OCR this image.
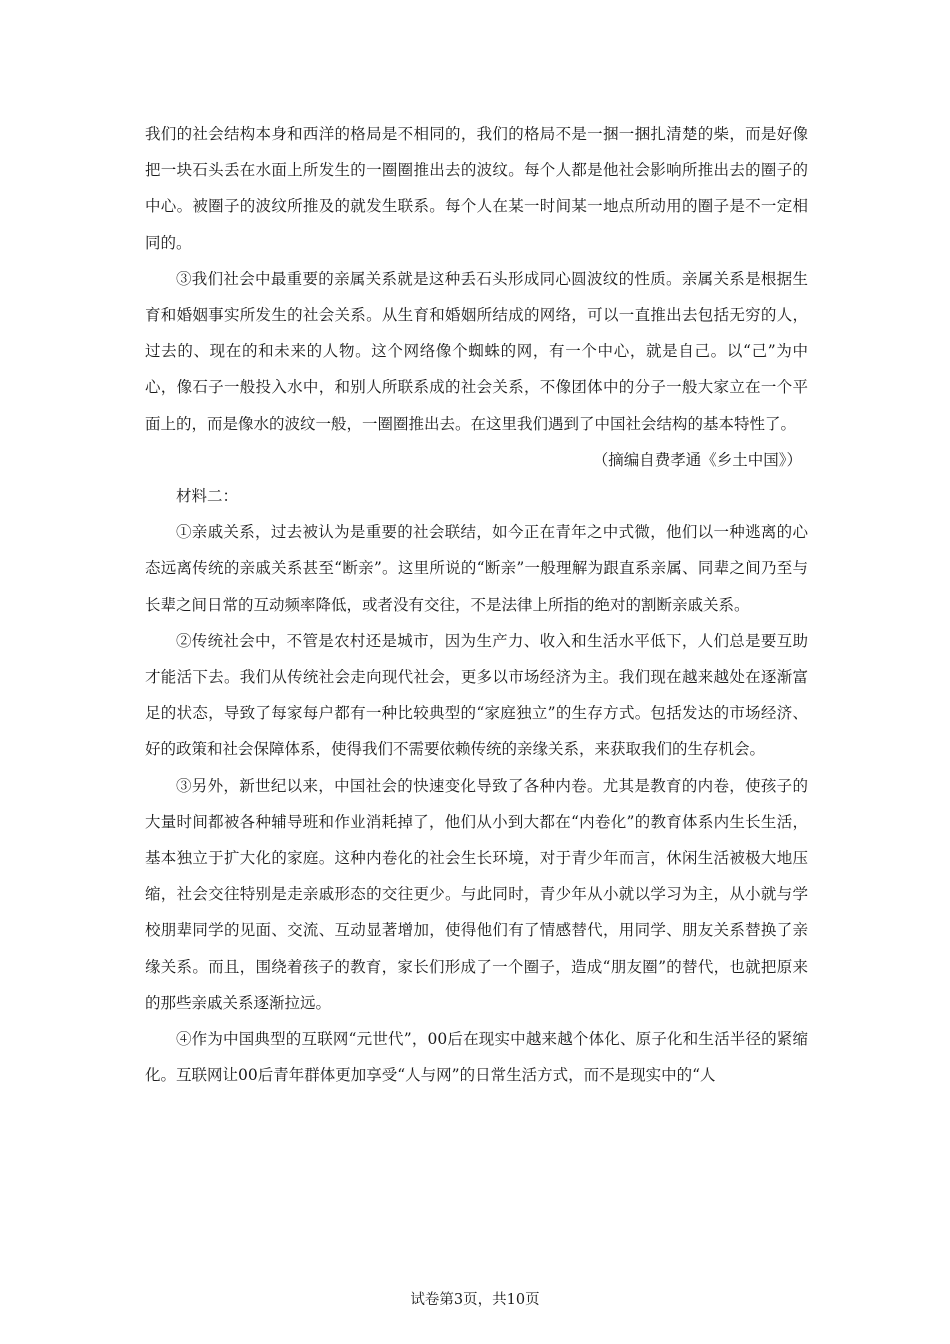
我们的社会结构本身和西洋的格局是不相同的，我们的格局不是一捆一捆扎清楚的柴，而是好像把一块石头丢在水面上所发生的一圈圈推出去的波纹。每个人都是他社会影响所推出去的圈子的中心。被圈子的波纹所推及的就发生联系。每个人在某一时间某一地点所动用的圈子是不一定相同的。

③我们社会中最重要的亲属关系就是这种丢石头形成同心圆波纹的性质。亲属关系是根据生育和婚姻事实所发生的社会关系。从生育和婚姻所结成的网络，可以一直推出去包括无穷的人，过去的、现在的和未来的人物。这个网络像个蜘蛛的网，有一个中心，就是自己。以“己”为中心，像石子一般投入水中，和别人所联系成的社会关系，不像团体中的分子一般大家立在一个平面上的，而是像水的波纹一般，一圈圈推出去。在这里我们遇到了中国社会结构的基本特性了。

（摘编自费孝通《乡土中国》）

材料二：

①亲戚关系，过去被认为是重要的社会联结，如今正在青年之中式微，他们以一种逃离的心态远离传统的亲戚关系甚至“断亲”。这里所说的“断亲”一般理解为跟直系亲属、同辈之间乃至与长辈之间日常的互动频率降低，或者没有交往，不是法律上所指的绝对的割断亲戚关系。

②传统社会中，不管是农村还是城市，因为生产力、收入和生活水平低下，人们总是要互助才能活下去。我们从传统社会走向现代社会，更多以市场经济为主。我们现在越来越处在逐渐富足的状态，导致了每家每户都有一种比较典型的“家庭独立”的生存方式。包括发达的市场经济、好的政策和社会保障体系，使得我们不需要依赖传统的亲缘关系，来获取我们的生存机会。

③另外，新世纪以来，中国社会的快速变化导致了各种内卷。尤其是教育的内卷，使孩子的大量时间都被各种辅导班和作业消耗掉了，他们从小到大都在“内卷化”的教育体系内生长生活，基本独立于扩大化的家庭。这种内卷化的社会生长环境，对于青少年而言，休闲生活被极大地压缩，社会交往特别是走亲戚形态的交往更少。与此同时，青少年从小就以学习为主，从小就与学校朋辈同学的见面、交流、互动显著增加，使得他们有了情感替代，用同学、朋友关系替换了亲缘关系。而且，围绕着孩子的教育，家长们形成了一个圈子，造成“朋友圈”的替代，也就把原来的那些亲戚关系逐渐拉远。

④作为中国典型的互联网“元世代”，00后在现实中越来越个体化、原子化和生活半径的紧缩化。互联网让00后青年群体更加享受“人与网”的日常生活方式，而不是现实中的“人

试卷第3页，共10页
